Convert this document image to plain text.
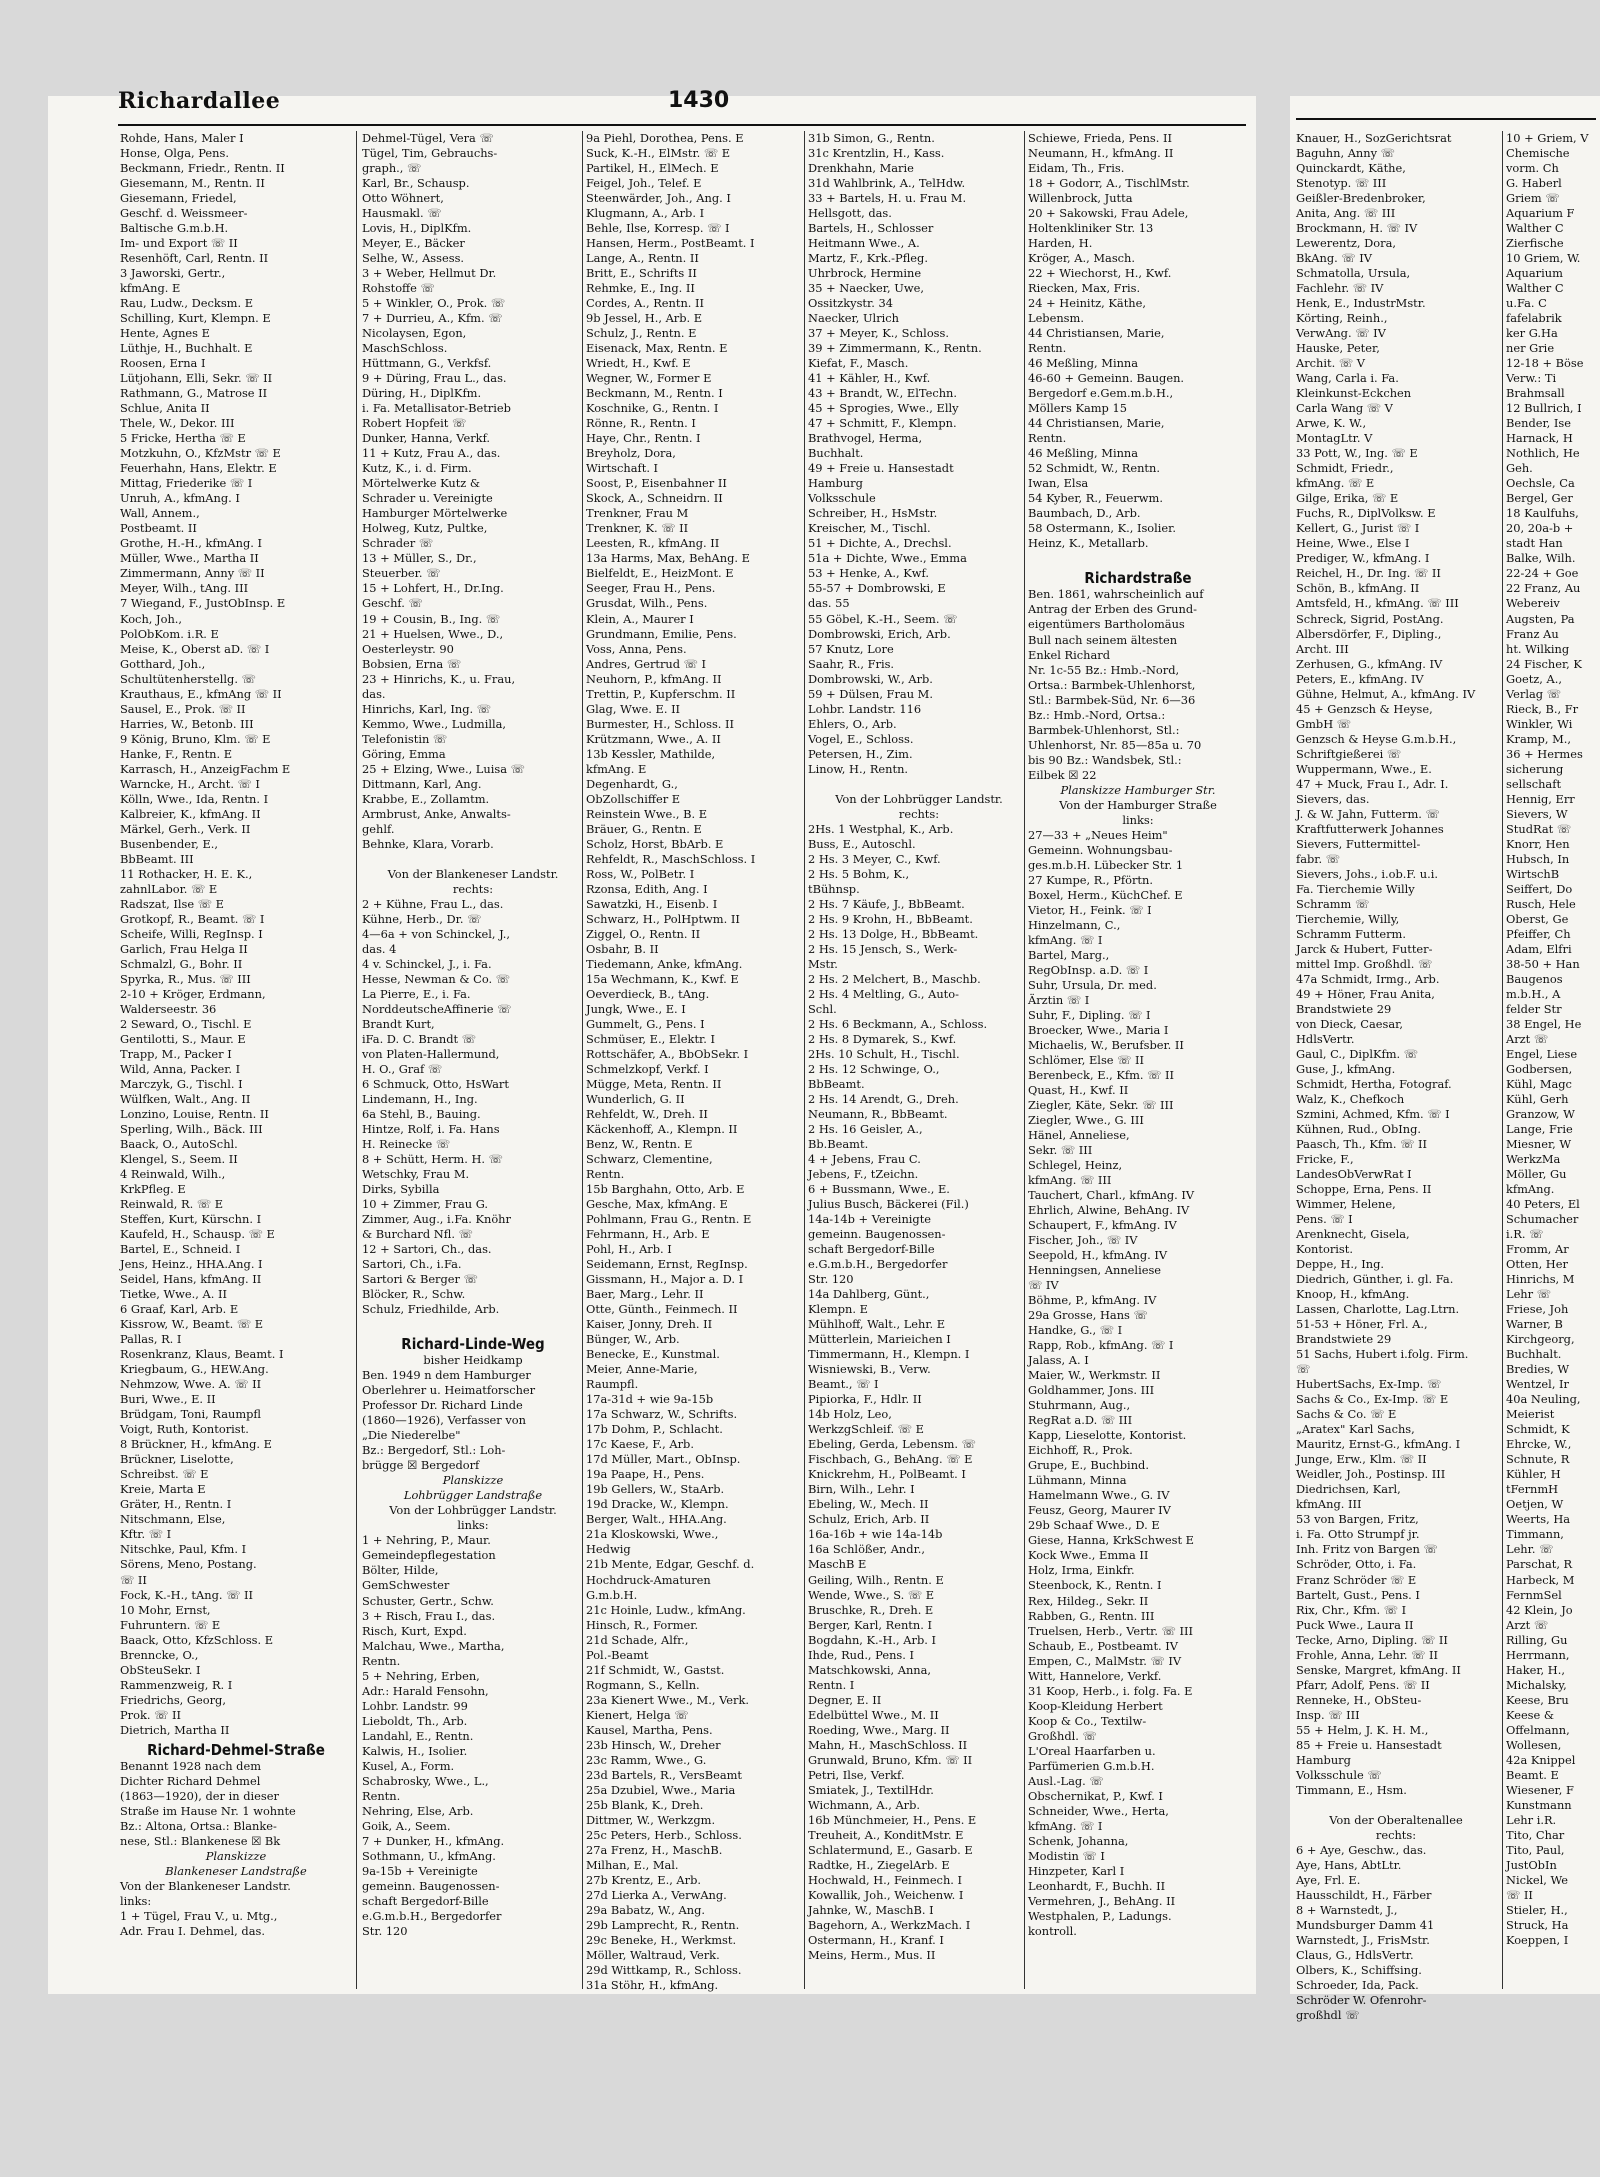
Richardallee	1430
Rohde, Hans, Maler I
Honse, Olga, Pens.
Beckmann, Friedr., Rentn. II
Giesemann, M., Rentn. II
Giesemann, Friedel,
Geschf. d. Weissmeer-
Baltische G.m.b.H.
Im- und Export ☏ II
Resenhöft, Carl, Rentn. II
3 Jaworski, Gertr.,
kfmAng. E
Rau, Ludw., Decksm. E
Schilling, Kurt, Klempn. E
Hente, Agnes E
Lüthje, H., Buchhalt. E
Roosen, Erna I
Lütjohann, Elli, Sekr. ☏ II
Rathmann, G., Matrose II
Schlue, Anita II
Thele, W., Dekor. III
5 Fricke, Hertha ☏ E
Motzkuhn, O., KfzMstr ☏ E
Feuerhahn, Hans, Elektr. E
Mittag, Friederike ☏ I
Unruh, A., kfmAng. I
Wall, Annem.,
Postbeamt. II
Grothe, H.-H., kfmAng. I
Müller, Wwe., Martha II
Zimmermann, Anny ☏ II
Meyer, Wilh., tAng. III
7 Wiegand, F., JustObInsp. E
Koch, Joh.,
PolObKom. i.R. E
Meise, K., Oberst aD. ☏ I
Gotthard, Joh.,
Schultütenherstellg. ☏
Krauthaus, E., kfmAng ☏ II
Sausel, E., Prok. ☏ II
Harries, W., Betonb. III
9 König, Bruno, Klm. ☏ E
Hanke, F., Rentn. E
Karrasch, H., AnzeigFachm E
Warncke, H., Archt. ☏ I
Kölln, Wwe., Ida, Rentn. I
Kalbreier, K., kfmAng. II
Märkel, Gerh., Verk. II
Busenbender, E.,
BbBeamt. III
11 Rothacker, H. E. K.,
zahnlLabor. ☏ E
Radszat, Ilse ☏ E
Grotkopf, R., Beamt. ☏ I
Scheife, Willi, RegInsp. I
Garlich, Frau Helga II
Schmalzl, G., Bohr. II
Spyrka, R., Mus. ☏ III
2-10 + Kröger, Erdmann,
Walderseestr. 36
2 Seward, O., Tischl. E
Gentilotti, S., Maur. E
Trapp, M., Packer I
Wild, Anna, Packer. I
Marczyk, G., Tischl. I
Wülfken, Walt., Ang. II
Lonzino, Louise, Rentn. II
Sperling, Wilh., Bäck. III
Baack, O., AutoSchl.
Klengel, S., Seem. II
4 Reinwald, Wilh.,
KrkPfleg. E
Reinwald, R. ☏ E
Steffen, Kurt, Kürschn. I
Kaufeld, H., Schausp. ☏ E
Bartel, E., Schneid. I
Jens, Heinz., HHA.Ang. I
Seidel, Hans, kfmAng. II
Tietke, Wwe., A. II
6 Graaf, Karl, Arb. E
Kissrow, W., Beamt. ☏ E
Pallas, R. I
Rosenkranz, Klaus, Beamt. I
Kriegbaum, G., HEW.Ang.
Nehmzow, Wwe. A. ☏ II
Buri, Wwe., E. II
Brüdgam, Toni, Raumpfl
Voigt, Ruth, Kontorist.
8 Brückner, H., kfmAng. E
Brückner, Liselotte,
Schreibst. ☏ E
Kreie, Marta E
Gräter, H., Rentn. I
Nitschmann, Else,
Kftr. ☏ I
Nitschke, Paul, Kfm. I
Sörens, Meno, Postang.
☏ II
Fock, K.-H., tAng. ☏ II
10 Mohr, Ernst,
Fuhruntern. ☏ E
Baack, Otto, KfzSchloss. E
Brenncke, O.,
ObSteuSekr. I
Rammenzweig, R. I
Friedrichs, Georg,
Prok. ☏ II
Dietrich, Martha II
Richard-Dehmel-Straße
Benannt 1928 nach dem
Dichter Richard Dehmel
(1863—1920), der in dieser
Straße im Hause Nr. 1 wohnte
Bz.: Altona, Ortsa.: Blanke-
nese, Stl.: Blankenese ☒ Bk
Planskizze
Blankeneser Landstraße
Von der Blankeneser Landstr.
links:
1 + Tügel, Frau V., u. Mtg.,
Adr. Frau I. Dehmel, das.
Dehmel-Tügel, Vera ☏
Tügel, Tim, Gebrauchs-
graph., ☏
Karl, Br., Schausp.
Otto Wöhnert,
Hausmakl. ☏
Lovis, H., DiplKfm.
Meyer, E., Bäcker
Selhe, W., Assess.
3 + Weber, Hellmut Dr.
Rohstoffe ☏
5 + Winkler, O., Prok. ☏
7 + Durrieu, A., Kfm. ☏
Nicolaysen, Egon,
MaschSchloss.
Hüttmann, G., Verkfsf.
9 + Düring, Frau L., das.
Düring, H., DiplKfm.
i. Fa. Metallisator-Betrieb
Robert Hopfeit ☏
Dunker, Hanna, Verkf.
11 + Kutz, Frau A., das.
Kutz, K., i. d. Firm.
Mörtelwerke Kutz &
Schrader u. Vereinigte
Hamburger Mörtelwerke
Holweg, Kutz, Pultke,
Schrader ☏
13 + Müller, S., Dr.,
Steuerber. ☏
15 + Lohfert, H., Dr.Ing.
Geschf. ☏
19 + Cousin, B., Ing. ☏
21 + Huelsen, Wwe., D.,
Oesterleystr. 90
Bobsien, Erna ☏
23 + Hinrichs, K., u. Frau,
das.
Hinrichs, Karl, Ing. ☏
Kemmo, Wwe., Ludmilla,
Telefonistin ☏
Göring, Emma
25 + Elzing, Wwe., Luisa ☏
Dittmann, Karl, Ang.
Krabbe, E., Zollamtm.
Armbrust, Anke, Anwalts-
gehlf.
Behnke, Klara, Vorarb.

Von der Blankeneser Landstr.
rechts:
2 + Kühne, Frau L., das.
Kühne, Herb., Dr. ☏
4—6a + von Schinckel, J.,
das. 4
4 v. Schinckel, J., i. Fa.
Hesse, Newman & Co. ☏
La Pierre, E., i. Fa.
NorddeutscheAffinerie ☏
Brandt Kurt,
iFa. D. C. Brandt ☏
von Platen-Hallermund,
H. O., Graf ☏
6 Schmuck, Otto, HsWart
Lindemann, H., Ing.
6a Stehl, B., Bauing.
Hintze, Rolf, i. Fa. Hans
H. Reinecke ☏
8 + Schütt, Herm. H. ☏
Wetschky, Frau M.
Dirks, Sybilla
10 + Zimmer, Frau G.
Zimmer, Aug., i.Fa. Knöhr
& Burchard Nfl. ☏
12 + Sartori, Ch., das.
Sartori, Ch., i.Fa.
Sartori & Berger ☏
Blöcker, R., Schw.
Schulz, Friedhilde, Arb.

Richard-Linde-Weg
bisher Heidkamp
Ben. 1949 n dem Hamburger
Oberlehrer u. Heimatforscher
Professor Dr. Richard Linde
(1860—1926), Verfasser von
„Die Niederelbe"
Bz.: Bergedorf, Stl.: Loh-
brügge ☒ Bergedorf
Planskizze
Lohbrügger Landstraße
Von der Lohbrügger Landstr.
links:
1 + Nehring, P., Maur.
Gemeindepflegestation
Bölter, Hilde,
GemSchwester
Schuster, Gertr., Schw.
3 + Risch, Frau I., das.
Risch, Kurt, Expd.
Malchau, Wwe., Martha,
Rentn.
5 + Nehring, Erben,
Adr.: Harald Fensohn,
Lohbr. Landstr. 99
Lieboldt, Th., Arb.
Landahl, E., Rentn.
Kalwis, H., Isolier.
Kusel, A., Form.
Schabrosky, Wwe., L.,
Rentn.
Nehring, Else, Arb.
Goik, A., Seem.
7 + Dunker, H., kfmAng.
Sothmann, U., kfmAng.
9a-15b + Vereinigte
gemeinn. Baugenossen-
schaft Bergedorf-Bille
e.G.m.b.H., Bergedorfer
Str. 120
9a Piehl, Dorothea, Pens. E
Suck, K.-H., ElMstr. ☏ E
Partikel, H., ElMech. E
Feigel, Joh., Telef. E
Steenwärder, Joh., Ang. I
Klugmann, A., Arb. I
Behle, Ilse, Korresp. ☏ I
Hansen, Herm., PostBeamt. I
Lange, A., Rentn. II
Britt, E., Schrifts II
Rehmke, E., Ing. II
Cordes, A., Rentn. II
9b Jessel, H., Arb. E
Schulz, J., Rentn. E
Eisenack, Max, Rentn. E
Wriedt, H., Kwf. E
Wegner, W., Former E
Beckmann, M., Rentn. I
Koschnike, G., Rentn. I
Rönne, R., Rentn. I
Haye, Chr., Rentn. I
Breyholz, Dora,
Wirtschaft. I
Soost, P., Eisenbahner II
Skock, A., Schneidrn. II
Trenkner, Frau M
Trenkner, K. ☏ II
Leesten, R., kfmAng. II
13a Harms, Max, BehAng. E
Bielfeldt, E., HeizMont. E
Seeger, Frau H., Pens.
Grusdat, Wilh., Pens.
Klein, A., Maurer I
Grundmann, Emilie, Pens.
Voss, Anna, Pens.
Andres, Gertrud ☏ I
Neuhorn, P., kfmAng. II
Trettin, P., Kupferschm. II
Glag, Wwe. E. II
Burmester, H., Schloss. II
Krützmann, Wwe., A. II
13b Kessler, Mathilde,
kfmAng. E
Degenhardt, G.,
ObZollschiffer E
Reinstein Wwe., B. E
Bräuer, G., Rentn. E
Scholz, Horst, BbArb. E
Rehfeldt, R., MaschSchloss. I
Ross, W., PolBetr. I
Rzonsa, Edith, Ang. I
Sawatzki, H., Eisenb. I
Schwarz, H., PolHptwm. II
Ziggel, O., Rentn. II
Osbahr, B. II
Tiedemann, Anke, kfmAng.
15a Wechmann, K., Kwf. E
Oeverdieck, B., tAng.
Jungk, Wwe., E. I
Gummelt, G., Pens. I
Schmüser, E., Elektr. I
Rottschäfer, A., BbObSekr. I
Schmelzkopf, Verkf. I
Mügge, Meta, Rentn. II
Wunderlich, G. II
Rehfeldt, W., Dreh. II
Käckenhoff, A., Klempn. II
Benz, W., Rentn. E
Schwarz, Clementine,
Rentn.
15b Barghahn, Otto, Arb. E
Gesche, Max, kfmAng. E
Pohlmann, Frau G., Rentn. E
Fehrmann, H., Arb. E
Pohl, H., Arb. I
Seidemann, Ernst, RegInsp.
Gissmann, H., Major a. D. I
Baer, Marg., Lehr. II
Otte, Günth., Feinmech. II
Kaiser, Jonny, Dreh. II
Bünger, W., Arb.
Benecke, E., Kunstmal.
Meier, Anne-Marie,
Raumpfl.
17a-31d + wie 9a-15b
17a Schwarz, W., Schrifts.
17b Dohm, P., Schlacht.
17c Kaese, F., Arb.
17d Müller, Mart., ObInsp.
19a Paape, H., Pens.
19b Gellers, W., StaArb.
19d Dracke, W., Klempn.
Berger, Walt., HHA.Ang.
21a Kloskowski, Wwe.,
Hedwig
21b Mente, Edgar, Geschf. d.
Hochdruck-Amaturen
G.m.b.H.
21c Hoinle, Ludw., kfmAng.
Hinsch, R., Former.
21d Schade, Alfr.,
Pol.-Beamt
21f Schmidt, W., Gastst.
Rogmann, S., Kelln.
23a Kienert Wwe., M., Verk.
Kienert, Helga ☏
Kausel, Martha, Pens.
23b Hinsch, W., Dreher
23c Ramm, Wwe., G.
23d Bartels, R., VersBeamt
25a Dzubiel, Wwe., Maria
25b Blank, K., Dreh.
Dittmer, W., Werkzgm.
25c Peters, Herb., Schloss.
27a Frenz, H., MaschB.
Milhan, E., Mal.
27b Krentz, E., Arb.
27d Lierka A., VerwAng.
29a Babatz, W., Ang.
29b Lamprecht, R., Rentn.
29c Beneke, H., Werkmst.
Möller, Waltraud, Verk.
29d Wittkamp, R., Schloss.
31a Stöhr, H., kfmAng.
31b Simon, G., Rentn.
31c Krentzlin, H., Kass.
Drenkhahn, Marie
31d Wahlbrink, A., TelHdw.
33 + Bartels, H. u. Frau M.
Hellsgott, das.
Bartels, H., Schlosser
Heitmann Wwe., A.
Martz, F., Krk.-Pfleg.
Uhrbrock, Hermine
35 + Naecker, Uwe,
Ossitzkystr. 34
Naecker, Ulrich
37 + Meyer, K., Schloss.
39 + Zimmermann, K., Rentn.
Kiefat, F., Masch.
41 + Kähler, H., Kwf.
43 + Brandt, W., ElTechn.
45 + Sprogies, Wwe., Elly
47 + Schmitt, F., Klempn.
Brathvogel, Herma,
Buchhalt.
49 + Freie u. Hansestadt
Hamburg
Volksschule
Schreiber, H., HsMstr.
Kreischer, M., Tischl.
51 + Dichte, A., Drechsl.
51a + Dichte, Wwe., Emma
53 + Henke, A., Kwf.
55-57 + Dombrowski, E
das. 55
55 Göbel, K.-H., Seem. ☏
Dombrowski, Erich, Arb.
57 Knutz, Lore
Saahr, R., Fris.
Dombrowski, W., Arb.
59 + Dülsen, Frau M.
Lohbr. Landstr. 116
Ehlers, O., Arb.
Vogel, E., Schloss.
Petersen, H., Zim.
Linow, H., Rentn.

Von der Lohbrügger Landstr.
rechts:
2Hs. 1 Westphal, K., Arb.
Buss, E., Autoschl.
2 Hs. 3 Meyer, C., Kwf.
2 Hs. 5 Bohm, K.,
tBühnsp.
2 Hs. 7 Käufe, J., BbBeamt.
2 Hs. 9 Krohn, H., BbBeamt.
2 Hs. 13 Dolge, H., BbBeamt.
2 Hs. 15 Jensch, S., Werk-
Mstr.
2 Hs. 2 Melchert, B., Maschb.
2 Hs. 4 Meltling, G., Auto-
Schl.
2 Hs. 6 Beckmann, A., Schloss.
2 Hs. 8 Dymarek, S., Kwf.
2Hs. 10 Schult, H., Tischl.
2 Hs. 12 Schwinge, O.,
BbBeamt.
2 Hs. 14 Arendt, G., Dreh.
Neumann, R., BbBeamt.
2 Hs. 16 Geisler, A.,
Bb.Beamt.
4 + Jebens, Frau C.
Jebens, F., tZeichn.
6 + Bussmann, Wwe., E.
Julius Busch, Bäckerei (Fil.)
14a-14b + Vereinigte
gemeinn. Baugenossen-
schaft Bergedorf-Bille
e.G.m.b.H., Bergedorfer
Str. 120
14a Dahlberg, Günt.,
Klempn. E
Mühlhoff, Walt., Lehr. E
Mütterlein, Marieichen I
Timmermann, H., Klempn. I
Wisniewski, B., Verw.
Beamt., ☏ I
Pipiorka, F., Hdlr. II
14b Holz, Leo,
WerkzgSchleif. ☏ E
Ebeling, Gerda, Lebensm. ☏
Fischbach, G., BehAng. ☏ E
Knickrehm, H., PolBeamt. I
Birn, Wilh., Lehr. I
Ebeling, W., Mech. II
Schulz, Erich, Arb. II
16a-16b + wie 14a-14b
16a Schlößer, Andr.,
MaschB E
Geiling, Wilh., Rentn. E
Wende, Wwe., S. ☏ E
Bruschke, R., Dreh. E
Berger, Karl, Rentn. I
Bogdahn, K.-H., Arb. I
Ihde, Rud., Pens. I
Matschkowski, Anna,
Rentn. I
Degner, E. II
Edelbüttel Wwe., M. II
Roeding, Wwe., Marg. II
Mahn, H., MaschSchloss. II
Grunwald, Bruno, Kfm. ☏ II
Petri, Ilse, Verkf.
Smiatek, J., TextilHdr.
Wichmann, A., Arb.
16b Münchmeier, H., Pens. E
Treuheit, A., KonditMstr. E
Schlatermund, E., Gasarb. E
Radtke, H., ZiegelArb. E
Hochwald, H., Feinmech. I
Kowallik, Joh., Weichenw. I
Jahnke, W., MaschB. I
Bagehorn, A., WerkzMach. I
Ostermann, H., Kranf. I
Meins, Herm., Mus. II
Schiewe, Frieda, Pens. II
Neumann, H., kfmAng. II
Eidam, Th., Fris.
18 + Godorr, A., TischlMstr.
Willenbrock, Jutta
20 + Sakowski, Frau Adele,
Holtenkliniker Str. 13
Harden, H.
Kröger, A., Masch.
22 + Wiechorst, H., Kwf.
Riecken, Max, Fris.
24 + Heinitz, Käthe,
Lebensm.
44 Christiansen, Marie,
Rentn.
46 Meßling, Minna
46-60 + Gemeinn. Baugen.
Bergedorf e.Gem.m.b.H.,
Möllers Kamp 15
44 Christiansen, Marie,
Rentn.
46 Meßling, Minna
52 Schmidt, W., Rentn.
Iwan, Elsa
54 Kyber, R., Feuerwm.
Baumbach, D., Arb.
58 Ostermann, K., Isolier.
Heinz, K., Metallarb.

Richardstraße
Ben. 1861, wahrscheinlich auf
Antrag der Erben des Grund-
eigentümers Bartholomäus
Bull nach seinem ältesten
Enkel Richard
Nr. 1c-55 Bz.: Hmb.-Nord,
Ortsa.: Barmbek-Uhlenhorst,
Stl.: Barmbek-Süd, Nr. 6—36
Bz.: Hmb.-Nord, Ortsa.:
Barmbek-Uhlenhorst, Stl.:
Uhlenhorst, Nr. 85—85a u. 70
bis 90 Bz.: Wandsbek, Stl.:
Eilbek ☒ 22
Planskizze Hamburger Str.
Von der Hamburger Straße
links:
27—33 + „Neues Heim"
Gemeinn. Wohnungsbau-
ges.m.b.H. Lübecker Str. 1
27 Kumpe, R., Pförtn.
Boxel, Herm., KüchChef. E
Vietor, H., Feink. ☏ I
Hinzelmann, C.,
kfmAng. ☏ I
Bartel, Marg.,
RegObInsp. a.D. ☏ I
Suhr, Ursula, Dr. med.
Ärztin ☏ I
Suhr, F., Dipling. ☏ I
Broecker, Wwe., Maria I
Michaelis, W., Berufsber. II
Schlömer, Else ☏ II
Berenbeck, E., Kfm. ☏ II
Quast, H., Kwf. II
Ziegler, Käte, Sekr. ☏ III
Ziegler, Wwe., G. III
Hänel, Anneliese,
Sekr. ☏ III
Schlegel, Heinz,
kfmAng. ☏ III
Tauchert, Charl., kfmAng. IV
Ehrlich, Alwine, BehAng. IV
Schaupert, F., kfmAng. IV
Fischer, Joh., ☏ IV
Seepold, H., kfmAng. IV
Henningsen, Anneliese
☏ IV
Böhme, P., kfmAng. IV
29a Grosse, Hans ☏
Handke, G., ☏ I
Rapp, Rob., kfmAng. ☏ I
Jalass, A. I
Maier, W., Werkmstr. II
Goldhammer, Jons. III
Stuhrmann, Aug.,
RegRat a.D. ☏ III
Kapp, Lieselotte, Kontorist.
Eichhoff, R., Prok.
Grupe, E., Buchbind.
Lühmann, Minna
Hamelmann Wwe., G. IV
Feusz, Georg, Maurer IV
29b Schaaf Wwe., D. E
Giese, Hanna, KrkSchwest E
Kock Wwe., Emma II
Holz, Irma, Einkfr.
Steenbock, K., Rentn. I
Rex, Hildeg., Sekr. II
Rabben, G., Rentn. III
Truelsen, Herb., Vertr. ☏ III
Schaub, E., Postbeamt. IV
Empen, C., MalMstr. ☏ IV
Witt, Hannelore, Verkf.
31 Koop, Herb., i. folg. Fa. E
Koop-Kleidung Herbert
Koop & Co., Textilw-
Großhdl. ☏
L'Oreal Haarfarben u.
Parfümerien G.m.b.H.
Ausl.-Lag. ☏
Obschernikat, P., Kwf. I
Schneider, Wwe., Herta,
kfmAng. ☏ I
Schenk, Johanna,
Modistin ☏ I
Hinzpeter, Karl I
Leonhardt, F., Buchh. II
Vermehren, J., BehAng. II
Westphalen, P., Ladungs.
kontroll.
Knauer, H., SozGerichtsrat
Baguhn, Anny ☏
Quinckardt, Käthe,
Stenotyp. ☏ III
Geißler-Bredenbroker,
Anita, Ang. ☏ III
Brockmann, H. ☏ IV
Lewerentz, Dora,
BkAng. ☏ IV
Schmatolla, Ursula,
Fachlehr. ☏ IV
Henk, E., IndustrMstr.
Körting, Reinh.,
VerwAng. ☏ IV
Hauske, Peter,
Archit. ☏ V
Wang, Carla i. Fa.
Kleinkunst-Eckchen
Carla Wang ☏ V
Arwe, K. W.,
MontagLtr. V
33 Pott, W., Ing. ☏ E
Schmidt, Friedr.,
kfmAng. ☏ E
Gilge, Erika, ☏ E
Fuchs, R., DiplVolksw. E
Kellert, G., Jurist ☏ I
Heine, Wwe., Else I
Prediger, W., kfmAng. I
Reichel, H., Dr. Ing. ☏ II
Schön, B., kfmAng. II
Amtsfeld, H., kfmAng. ☏ III
Schreck, Sigrid, PostAng.
Albersdörfer, F., Dipling.,
Archt. III
Zerhusen, G., kfmAng. IV
Peters, E., kfmAng. IV
Gühne, Helmut, A., kfmAng. IV
45 + Genzsch & Heyse,
GmbH ☏
Genzsch & Heyse G.m.b.H.,
Schriftgießerei ☏
Wuppermann, Wwe., E.
47 + Muck, Frau I., Adr. I.
Sievers, das.
J. & W. Jahn, Futterm. ☏
Kraftfutterwerk Johannes
Sievers, Futtermittel-
fabr. ☏
Sievers, Johs., i.ob.F. u.i.
Fa. Tierchemie Willy
Schramm ☏
Tierchemie, Willy,
Schramm Futterm.
Jarck & Hubert, Futter-
mittel Imp. Großhdl. ☏
47a Schmidt, Irmg., Arb.
49 + Höner, Frau Anita,
Brandstwiete 29
von Dieck, Caesar,
HdlsVertr.
Gaul, C., DiplKfm. ☏
Guse, J., kfmAng.
Schmidt, Hertha, Fotograf.
Walz, K., Chefkoch
Szmini, Achmed, Kfm. ☏ I
Kühnen, Rud., ObIng.
Paasch, Th., Kfm. ☏ II
Fricke, F.,
LandesObVerwRat I
Schoppe, Erna, Pens. II
Wimmer, Helene,
Pens. ☏ I
Arenknecht, Gisela,
Kontorist.
Deppe, H., Ing.
Diedrich, Günther, i. gl. Fa.
Knoop, H., kfmAng.
Lassen, Charlotte, Lag.Ltrn.
51-53 + Höner, Frl. A.,
Brandstwiete 29
51 Sachs, Hubert i.folg. Firm.
☏
HubertSachs, Ex-Imp. ☏
Sachs & Co., Ex-Imp. ☏ E
Sachs & Co. ☏ E
„Aratex" Karl Sachs,
Mauritz, Ernst-G., kfmAng. I
Junge, Erw., Klm. ☏ II
Weidler, Joh., Postinsp. III
Diedrichsen, Karl,
kfmAng. III
53 von Bargen, Fritz,
i. Fa. Otto Strumpf jr.
Inh. Fritz von Bargen ☏
Schröder, Otto, i. Fa.
Franz Schröder ☏ E
Bartelt, Gust., Pens. I
Rix, Chr., Kfm. ☏ I
Puck Wwe., Laura II
Tecke, Arno, Dipling. ☏ II
Frohle, Anna, Lehr. ☏ II
Senske, Margret, kfmAng. II
Pfarr, Adolf, Pens. ☏ II
Renneke, H., ObSteu-
Insp. ☏ III
55 + Helm, J. K. H. M.,
85 + Freie u. Hansestadt
Hamburg
Volksschule ☏
Timmann, E., Hsm.

Von der Oberaltenallee
rechts:
6 + Aye, Geschw., das.
Aye, Hans, AbtLtr.
Aye, Frl. E.
Hausschildt, H., Färber
8 + Warnstedt, J.,
Mundsburger Damm 41
Warnstedt, J., FrisMstr.
Claus, G., HdlsVertr.
Olbers, K., Schiffsing.
Schroeder, Ida, Pack.
Schröder W. Ofenrohr-
großhdl ☏
10 + Griem, V
Chemische
vorm. Ch
G. Haberl
Griem ☏
Aquarium F
Walther C
Zierfische
10 Griem, W.
Aquarium
Walther C
u.Fa. C
fafelabrik
ker G.Ha
ner Grie
12-18 + Böse
Verw.: Ti
Brahmsall
12 Bullrich, I
Bender, Ise
Harnack, H
Nothlich, He
Geh.
Oechsle, Ca
Bergel, Ger
18 Kaulfuhs,
20, 20a-b +
stadt Han
Balke, Wilh.
22-24 + Goe
22 Franz, Au
Webereiv
Augsten, Pa
Franz Au
ht. Wilking
24 Fischer, K
Goetz, A.,
Verlag ☏
Rieck, B., Fr
Winkler, Wi
Kramp, M.,
36 + Hermes
sicherung
sellschaft
Hennig, Err
Sievers, W
StudRat ☏
Knorr, Hen
Hubsch, In
WirtschB
Seiffert, Do
Rusch, Hele
Oberst, Ge
Pfeiffer, Ch
Adam, Elfri
38-50 + Han
Baugenos
m.b.H., A
felder Str
38 Engel, He
Arzt ☏
Engel, Liese
Godbersen,
Kühl, Magc
Kühl, Gerh
Granzow, W
Lange, Frie
Miesner, W
WerkzMa
Möller, Gu
kfmAng.
40 Peters, El
Schumacher
i.R. ☏
Fromm, Ar
Otten, Her
Hinrichs, M
Lehr ☏
Friese, Joh
Warner, B
Kirchgeorg,
Buchhalt.
Bredies, W
Wentzel, Ir
40a Neuling,
Meierist
Schmidt, K
Ehrcke, W.,
Schnute, R
Kühler, H
tFernmH
Oetjen, W
Weerts, Ha
Timmann,
Lehr. ☏
Parschat, R
Harbeck, M
FernmSel
42 Klein, Jo
Arzt ☏
Rilling, Gu
Herrmann,
Haker, H.,
Michalsky,
Keese, Bru
Keese &
Offelmann,
Wollesen,
42a Knippel
Beamt. E
Wiesener, F
Kunstmann
Lehr i.R.
Tito, Char
Tito, Paul,
JustObIn
Nickel, We
☏ II
Stieler, H.,
Struck, Ha
Koeppen, I
